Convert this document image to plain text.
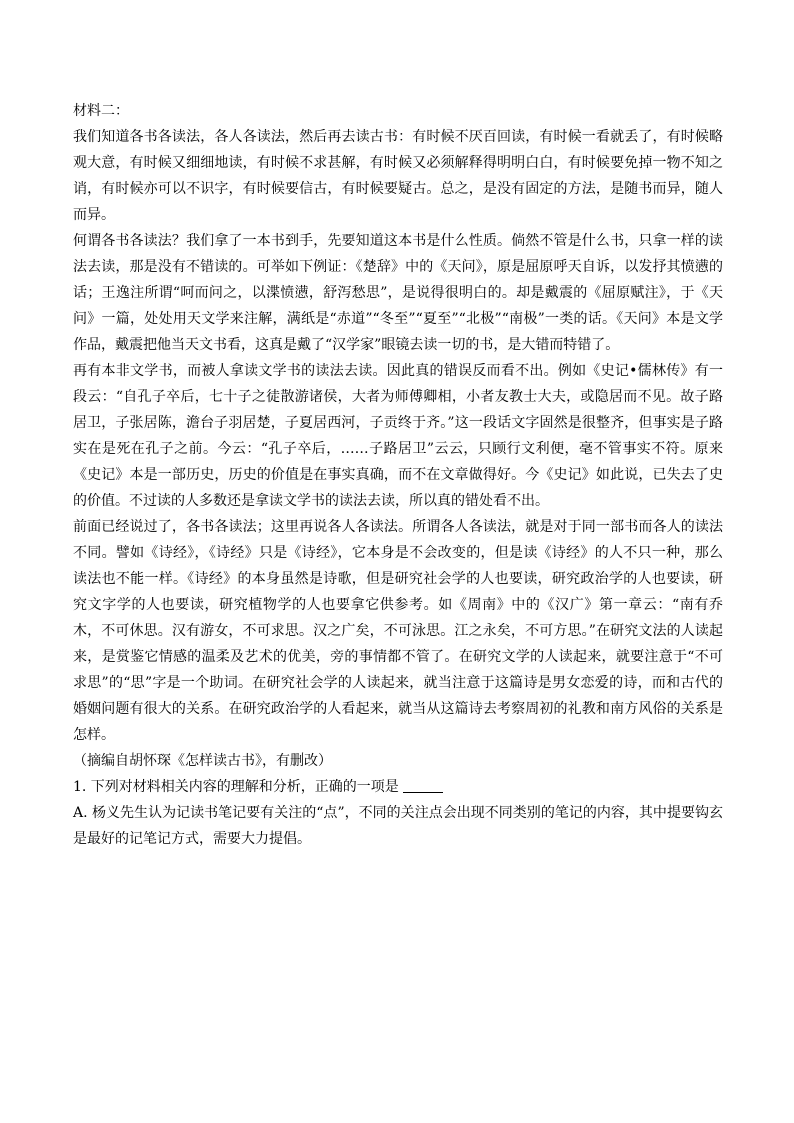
材料二：

我们知道各书各读法，各人各读法，然后再去读古书：有时候不厌百回读，有时候一看就丢了，有时候略观大意，有时候又细细地读，有时候不求甚解，有时候又必须解释得明明白白，有时候要免掉一物不知之诮，有时候亦可以不识字，有时候要信古，有时候要疑古。总之，是没有固定的方法，是随书而异，随人而异。

何谓各书各读法？我们拿了一本书到手，先要知道这本书是什么性质。倘然不管是什么书，只拿一样的读法去读，那是没有不错读的。可举如下例证：《楚辞》中的《天问》，原是屈原呼天自诉，以发抒其愤懑的话；王逸注所谓“呵而问之，以渫愤懑，舒泻愁思”，是说得很明白的。却是戴震的《屈原赋注》，于《天问》一篇，处处用天文学来注解，满纸是“赤道”“冬至”“夏至”“北极”“南极”一类的话。《天问》本是文学作品，戴震把他当天文书看，这真是戴了“汉学家”眼镜去读一切的书，是大错而特错了。

再有本非文学书，而被人拿读文学书的读法去读。因此真的错误反而看不出。例如《史记•儒林传》有一段云：“自孔子卒后，七十子之徒散游诸侯，大者为师傅卿相，小者友教士大夫，或隐居而不见。故子路居卫，子张居陈，澹台子羽居楚，子夏居西河，子贡终于齐。”这一段话文字固然是很整齐，但事实是子路实在是死在孔子之前。今云：“孔子卒后，……子路居卫”云云，只顾行文利便，毫不管事实不符。原来《史记》本是一部历史，历史的价值是在事实真确，而不在文章做得好。今《史记》如此说，已失去了史的价值。不过读的人多数还是拿读文学书的读法去读，所以真的错处看不出。

前面已经说过了，各书各读法；这里再说各人各读法。所谓各人各读法，就是对于同一部书而各人的读法不同。譬如《诗经》，《诗经》只是《诗经》，它本身是不会改变的，但是读《诗经》的人不只一种，那么读法也不能一样。《诗经》的本身虽然是诗歌，但是研究社会学的人也要读，研究政治学的人也要读，研究文字学的人也要读，研究植物学的人也要拿它供参考。如《周南》中的《汉广》第一章云：“南有乔木，不可休思。汉有游女，不可求思。汉之广矣，不可泳思。江之永矣，不可方思。”在研究文法的人读起来，是赏鉴它情感的温柔及艺术的优美，旁的事情都不管了。在研究文学的人读起来，就要注意于“不可求思”的“思”字是一个助词。在研究社会学的人读起来，就当注意于这篇诗是男女恋爱的诗，而和古代的婚姻问题有很大的关系。在研究政治学的人看起来，就当从这篇诗去考察周初的礼教和南方风俗的关系是怎样。

（摘编自胡怀琛《怎样读古书》，有删改）

1. 下列对材料相关内容的理解和分析，正确的一项是

A. 杨义先生认为记读书笔记要有关注的“点”，不同的关注点会出现不同类别的笔记的内容，其中提要钩玄是最好的记笔记方式，需要大力提倡。
